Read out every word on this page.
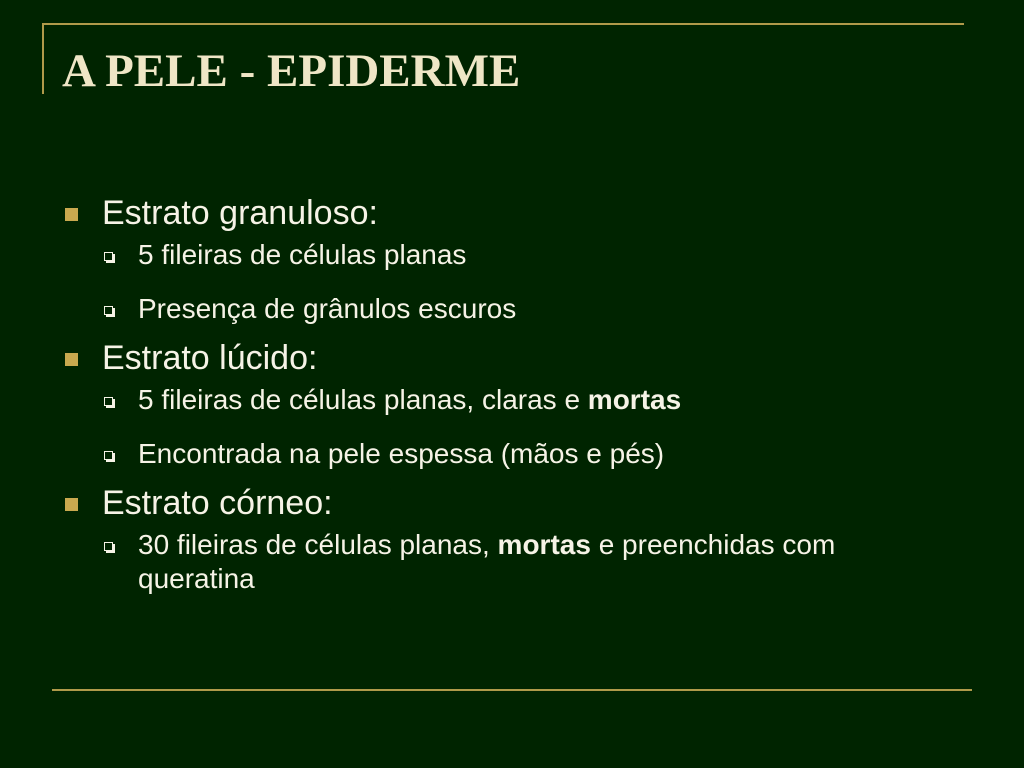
A PELE - EPIDERME
Estrato granuloso:
5 fileiras de células planas
Presença de grânulos escuros
Estrato lúcido:
5 fileiras de células planas, claras e mortas
Encontrada na pele espessa (mãos e pés)
Estrato córneo:
30 fileiras de células planas, mortas e preenchidas com queratina
